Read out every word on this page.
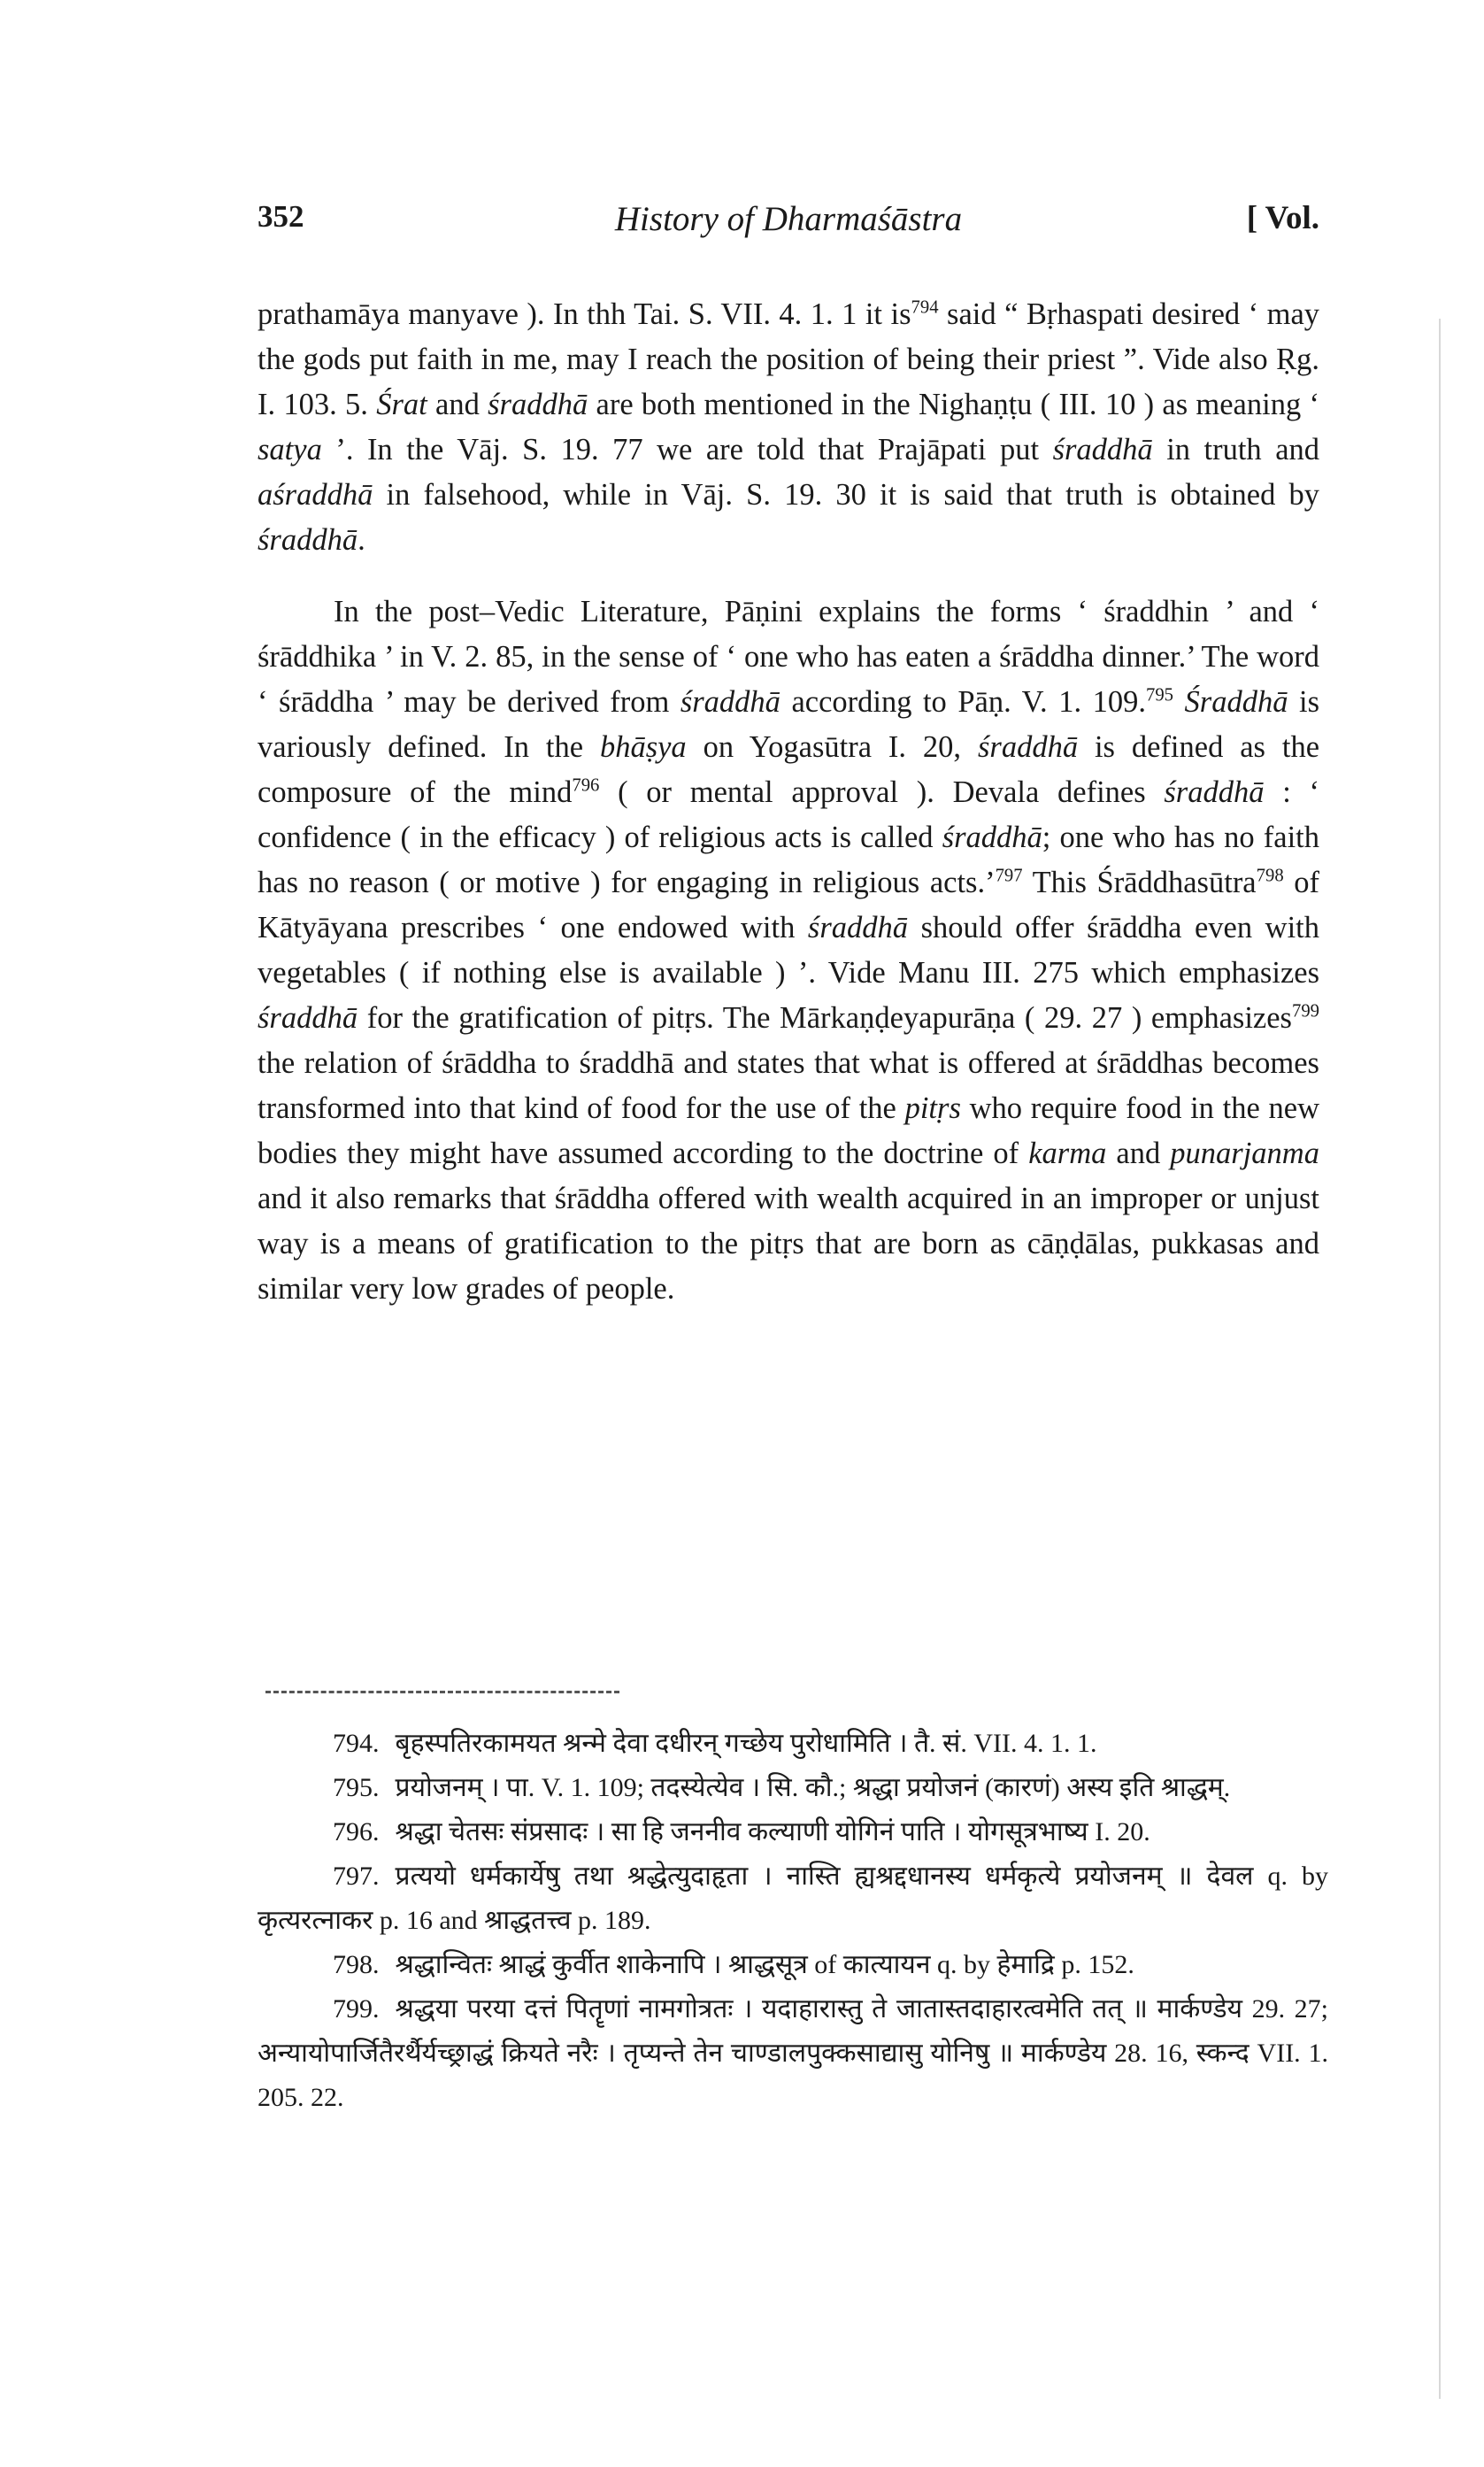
352	History of Dharmaśāstra	[ Vol.

prathamāya manyave ). In thh Tai. S. VII. 4. 1. 1 it $is^{794}$ said “ Bṛhaspati desired ‘ may the gods put faith in me, may I reach the position of being their priest ”. Vide also Ṛg. I. 103. 5. Śrat and śraddhā are both mentioned in the Nighaṇṭu ( III. 10 ) as meaning ‘ satya ’. In the Vāj. S. 19. 77 we are told that Prajāpati put śraddhā in truth and aśraddhā in falsehood, while in Vāj. S. 19. 30 it is said that truth is obtained by śraddhā.

In the post–Vedic Literature, Pāṇini explains the forms ‘ śraddhin ’ and ‘ śrāddhika ’ in V. 2. 85, in the sense of ‘ one who has eaten a śrāddha dinner.’ The word ‘ śrāddha ’ may be derived from śraddhā according to Pāṇ. V. 1. 109.$^{795}$ Śraddhā is variously defined. In the bhāṣya on Yogasūtra I. 20, śraddhā is defined as the composure of the mind$^{796}$ ( or mental approval ). Devala defines śraddhā : ‘ confidence ( in the efficacy ) of religious acts is called śraddhā; one who has no faith has no reason ( or motive ) for engaging in religious acts.’$^{797}$ This Śrāddhasūtra$^{798}$ of Kātyāyana prescribes ‘ one endowed with śraddhā should offer śrāddha even with vegetables ( if nothing else is available ) ’. Vide Manu III. 275 which emphasizes śraddhā for the gratification of pitṛs. The Mārkaṇḍeyapurāṇa ( 29. 27 ) emphasizes$^{799}$ the relation of śrāddha to śraddhā and states that what is offered at śrāddhas becomes transformed into that kind of food for the use of the pitṛs who require food in the new bodies they might have assumed according to the doctrine of karma and punarjanma and it also remarks that śrāddha offered with wealth acquired in an improper or unjust way is a means of gratification to the pitṛs that are born as cāṇḍālas, pukkasas and similar very low grades of people.

794. बृहस्पतिरकामयत श्रन्मे देवा दधीरन् गच्छेय पुरोधामिति । तै. सं. VII. 4. 1. 1.

795. प्रयोजनम् । पा. V. 1. 109; तदस्येत्येव । सि. कौ.; श्रद्धा प्रयोजनं (कारणं) अस्य इति श्राद्धम्.

796. श्रद्धा चेतसः संप्रसादः । सा हि जननीव कल्याणी योगिनं पाति । योगसूत्रभाष्य I. 20.

797. प्रत्ययो धर्मकार्येषु तथा श्रद्धेत्युदाहृता । नास्ति ह्यश्रद्दधानस्य धर्मकृत्ये प्रयोजनम् ॥ देवल q. by कृत्यरत्नाकर p. 16 and श्राद्धतत्त्व p. 189.

798. श्रद्धान्वितः श्राद्धं कुर्वीत शाकेनापि । श्राद्धसूत्र of कात्यायन q. by हेमाद्रि p. 152.

799. श्रद्धया परया दत्तं पितॄणां नामगोत्रतः । यदाहारास्तु ते जातास्तदाहारत्वमेति तत् ॥ मार्कण्डेय 29. 27; अन्यायोपार्जितैरर्थैर्यच्छ्राद्धं क्रियते नरैः । तृप्यन्ते तेन चाण्डालपुक्कसाद्यासु योनिषु ॥ मार्कण्डेय 28. 16, स्कन्द VII. 1. 205. 22.
